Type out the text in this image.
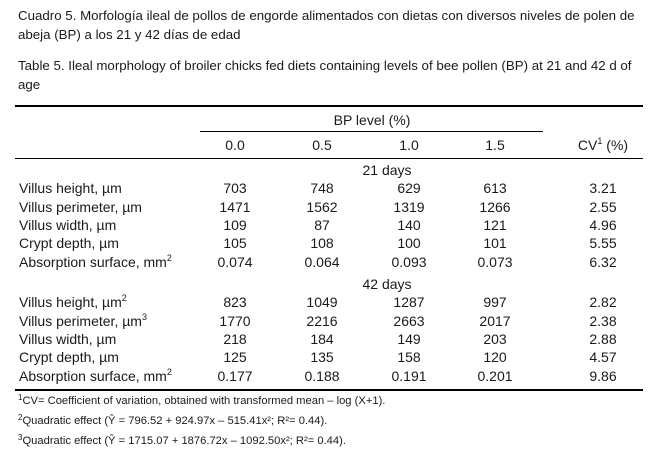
Cuadro 5. Morfología ileal de pollos de engorde alimentados con dietas con diversos niveles de polen de abeja (BP) a los 21 y 42 días de edad

Table 5. Ileal morphology of broiler chicks fed diets containing levels of bee pollen (BP) at 21 and 42 d of age

BP level (%)
0.0	0.5	1.0	1.5	$CV^1$ (%)
21 days
Villus height, µm	703	748	629	613	3.21
Villus perimeter, µm	1471	1562	1319	1266	2.55
Villus width, µm	109	87	140	121	4.96
Crypt depth, µm	105	108	100	101	5.55
Absorption surface, $mm^2$	0.074	0.064	0.093	0.073	6.32
42 days
Villus height, µm$^2$	823	1049	1287	997	2.82
Villus perimeter, µm$^3$	1770	2216	2663	2017	2.38
Villus width, µm	218	184	149	203	2.88
Crypt depth, µm	125	135	158	120	4.57
Absorption surface, $mm^2$	0.177	0.188	0.191	0.201	9.86
$^1$CV= Coefficient of variation, obtained with transformed mean – log (X+1).
$^2$Quadratic effect (Ŷ = 796.52 + 924.97x – 515.41x²; R²= 0.44).
$^3$Quadratic effect (Ŷ = 1715.07 + 1876.72x – 1092.50x²; R²= 0.44).
